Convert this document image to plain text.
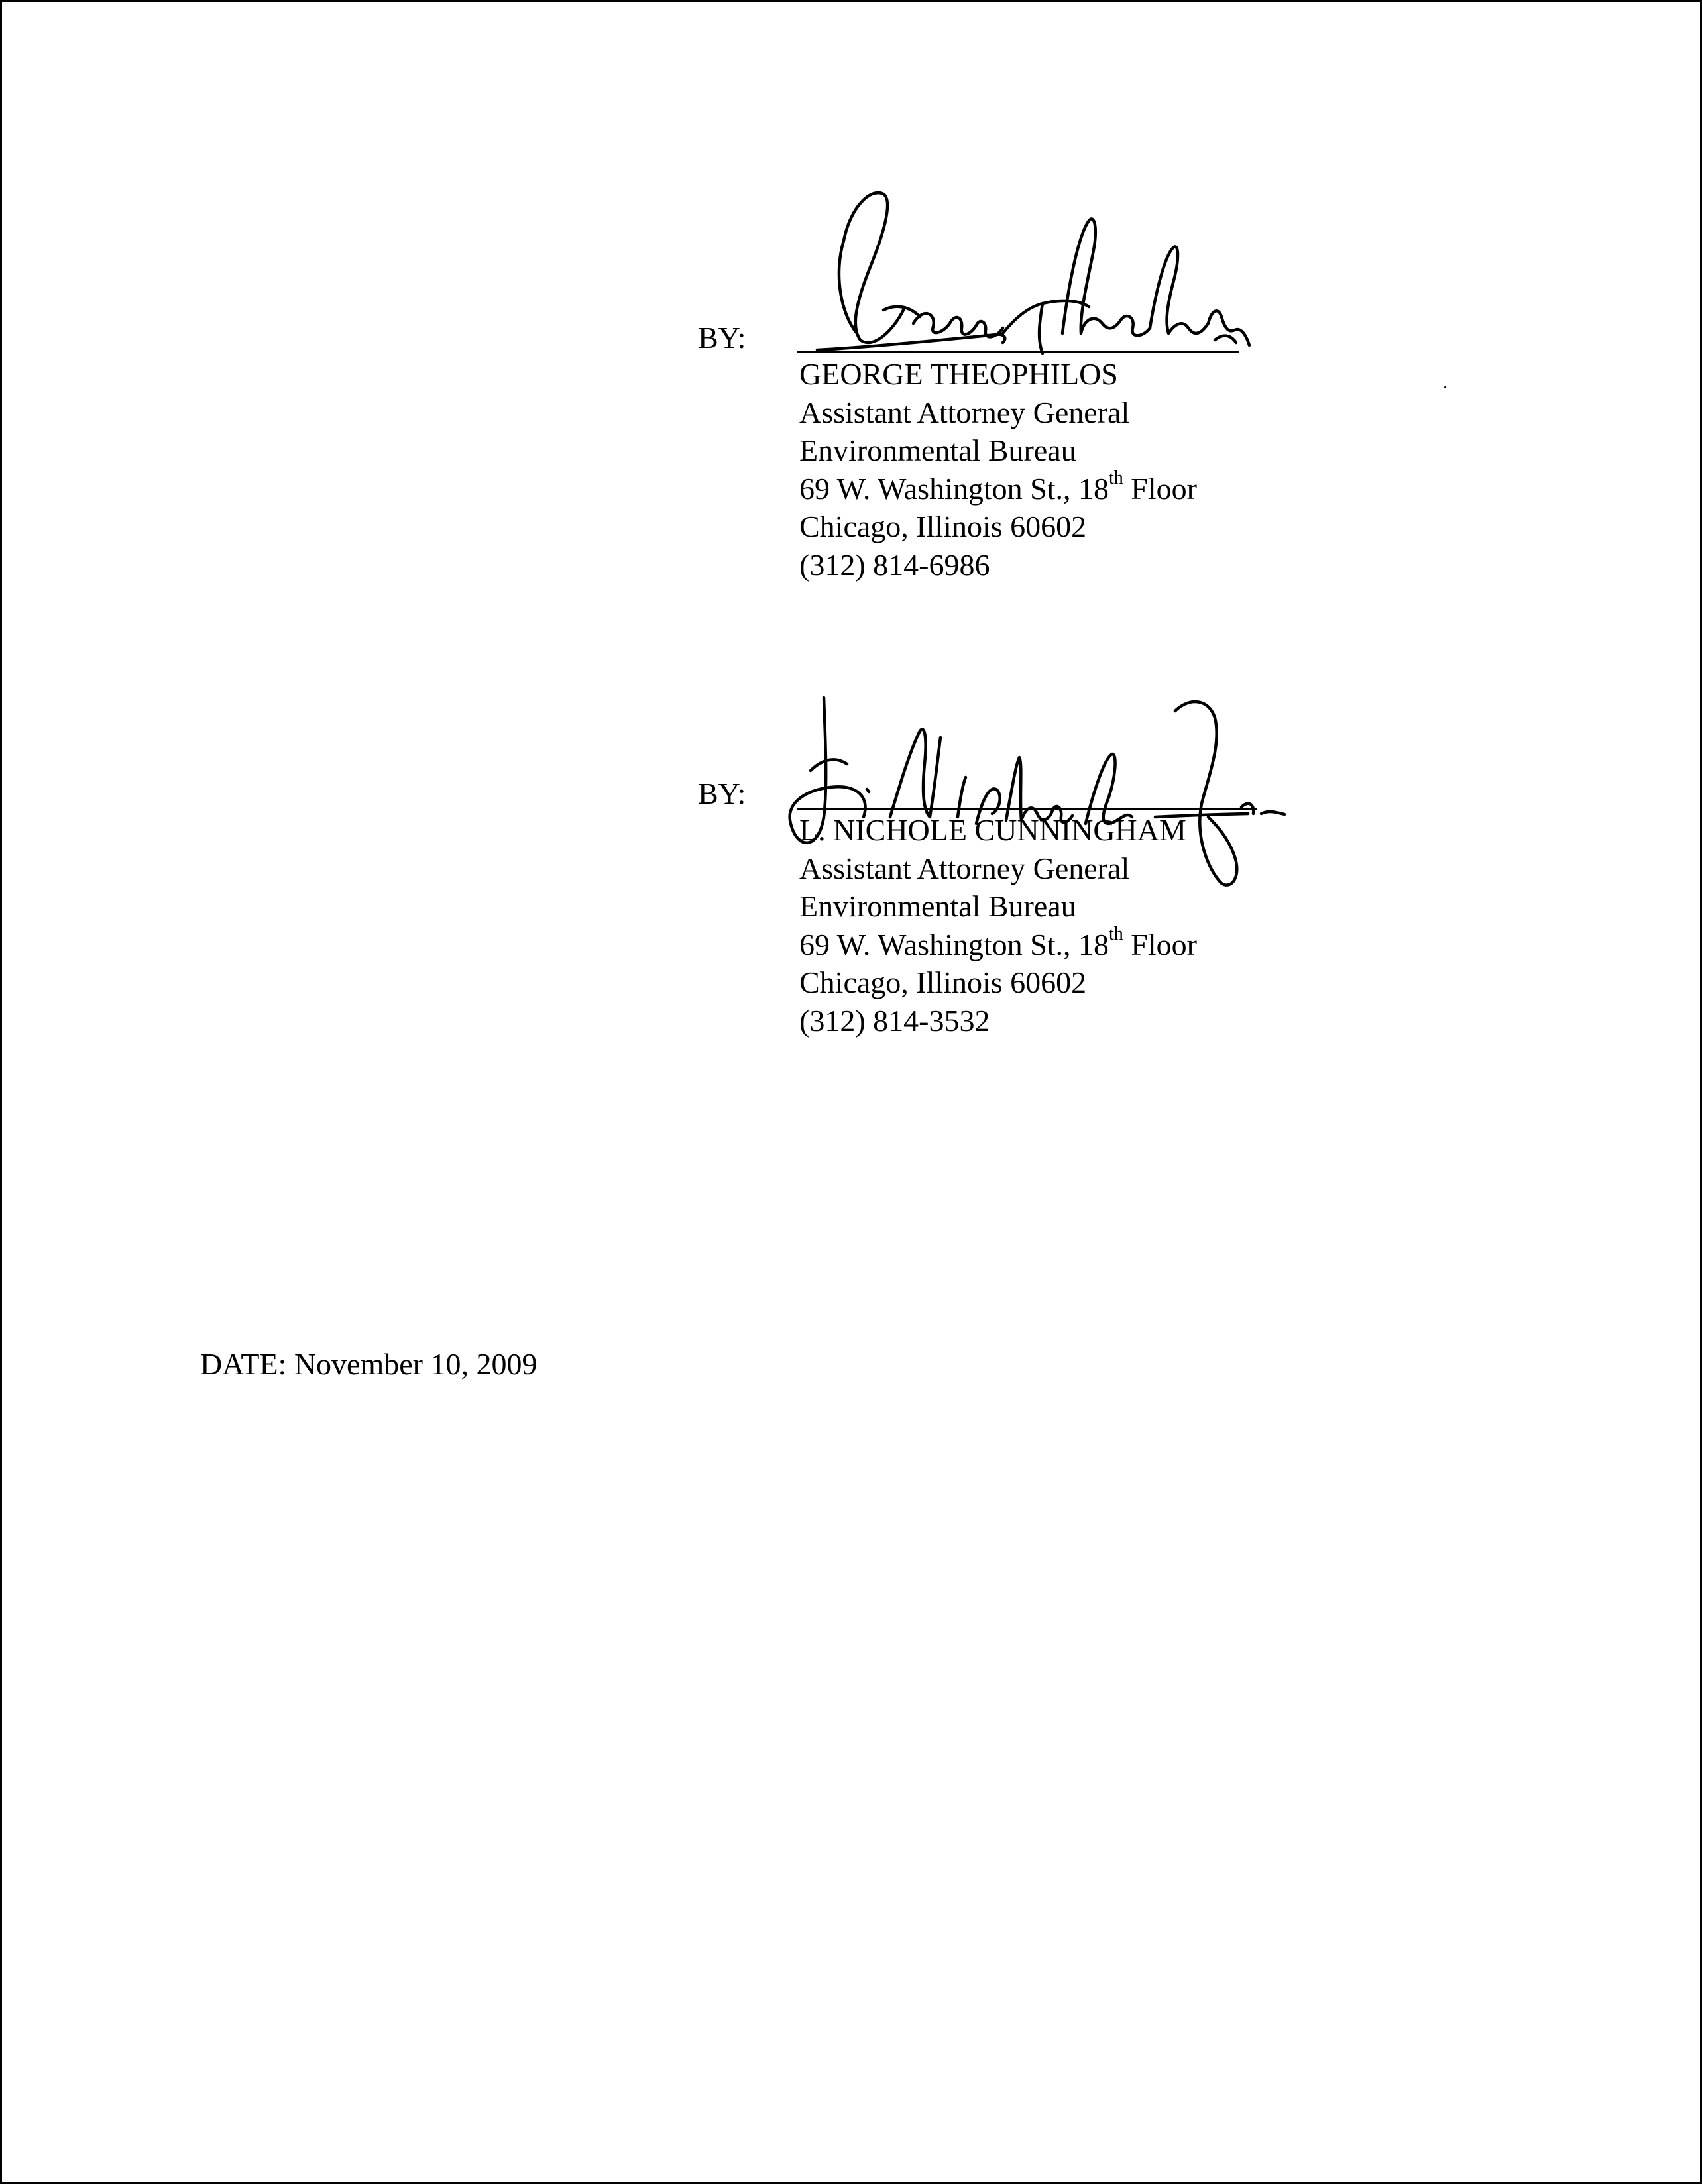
BY:
GEORGE THEOPHILOS
Assistant Attorney General
Environmental Bureau
69 W. Washington St., 18th Floor
Chicago, Illinois 60602
(312) 814-6986
BY:
L. NICHOLE CUNNINGHAM
Assistant Attorney General
Environmental Bureau
69 W. Washington St., 18th Floor
Chicago, Illinois 60602
(312) 814-3532
DATE: November 10, 2009
